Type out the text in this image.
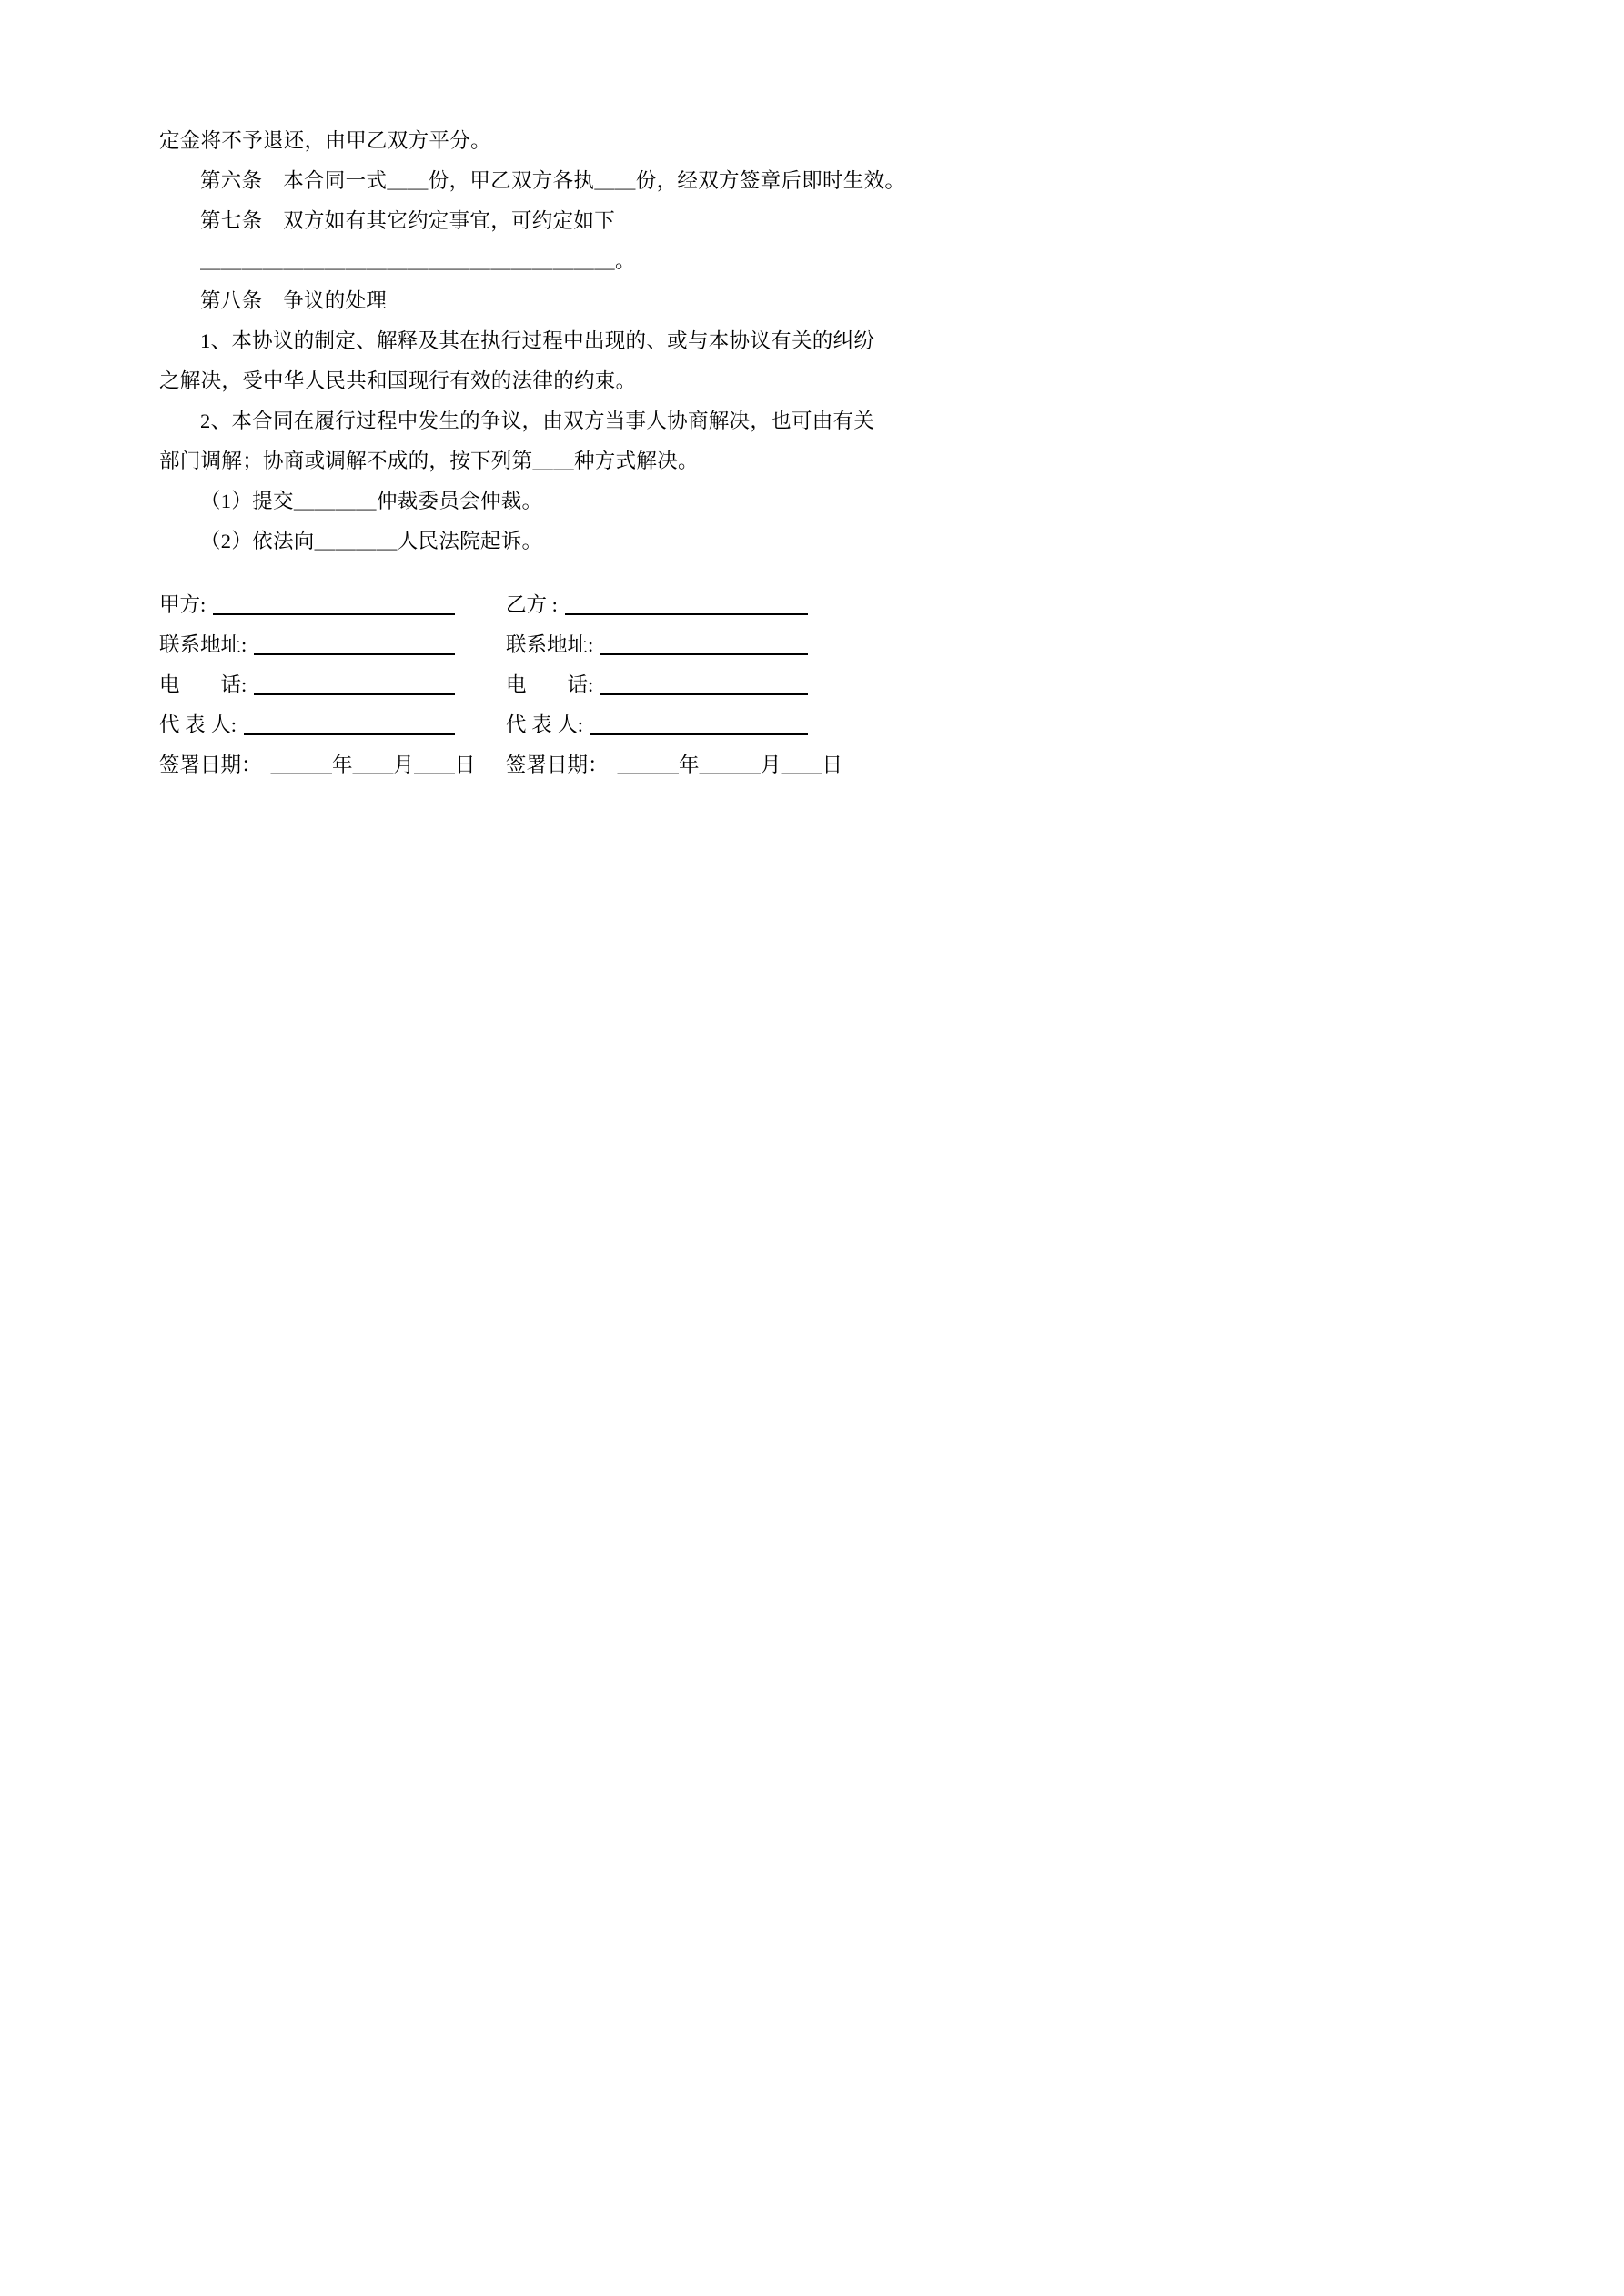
定金将不予退还，由甲乙双方平分。
第六条　本合同一式＿＿份，甲乙双方各执＿＿份，经双方签章后即时生效。
第七条　双方如有其它约定事宜，可约定如下
＿＿＿＿＿＿＿＿＿＿＿＿＿＿＿＿＿＿＿＿。
第八条　争议的处理
1、本协议的制定、解释及其在执行过程中出现的、或与本协议有关的纠纷
之解决，受中华人民共和国现行有效的法律的约束。
2、本合同在履行过程中发生的争议，由双方当事人协商解决，也可由有关
部门调解；协商或调解不成的，按下列第＿＿种方式解决。
（1）提交＿＿＿＿仲裁委员会仲裁。
（2）依法向＿＿＿＿人民法院起诉。
甲方:
联系地址:
电　　话:
代 表 人:
签署日期： ＿＿＿年＿＿月＿＿日
乙方 :
联系地址:
电　　话:
代 表 人:
签署日期： ＿＿＿年＿＿＿月＿＿日
